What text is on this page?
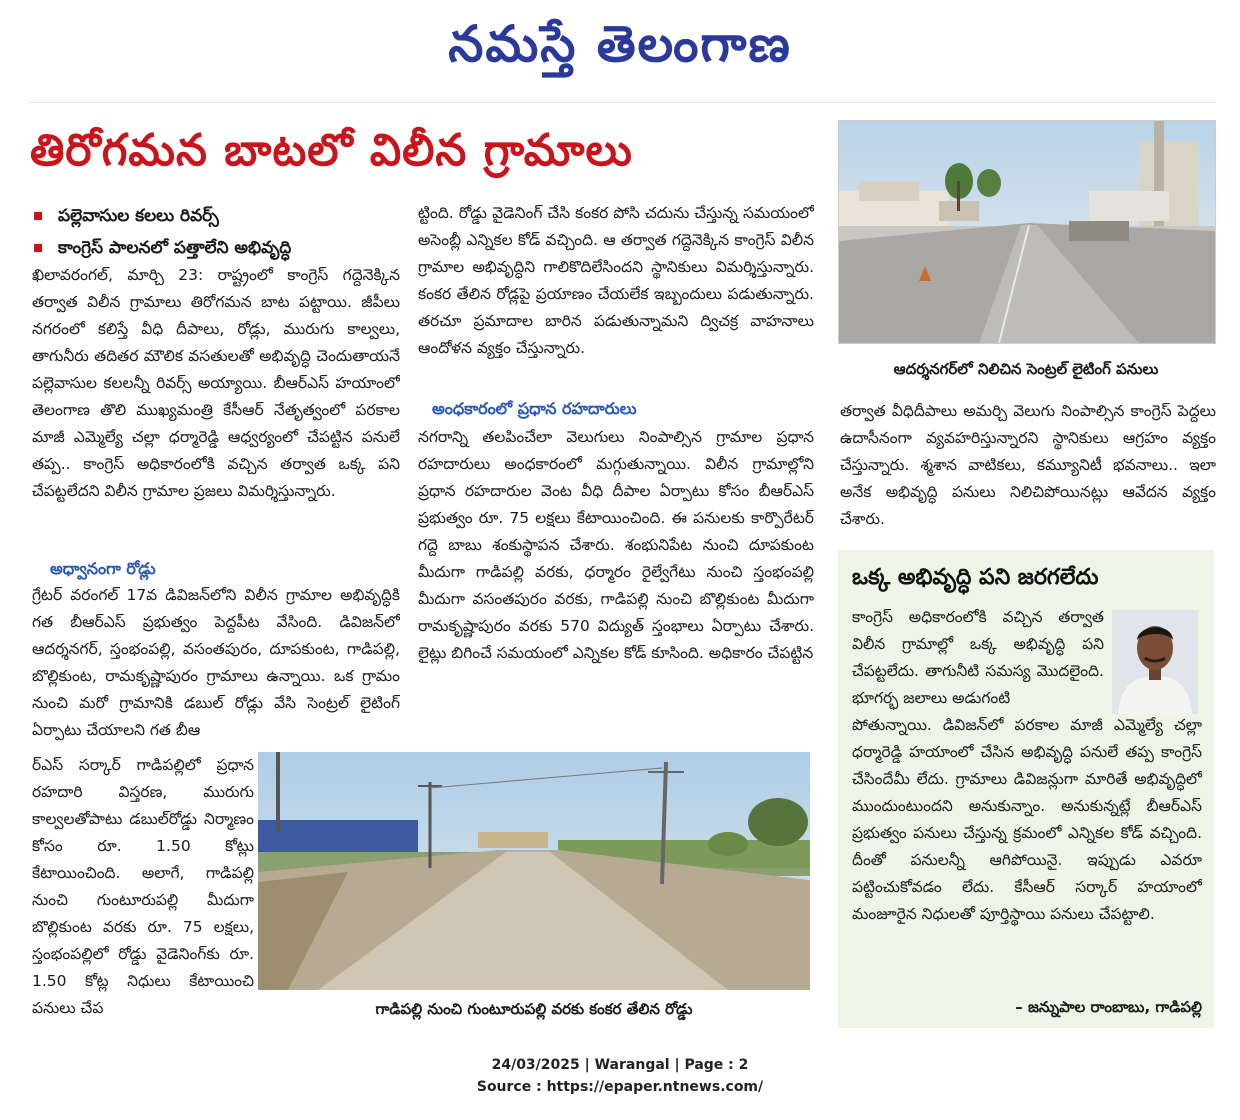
నమస్తే తెలంగాణ
తిరోగమన బాటలో విలీన గ్రామాలు
పల్లెవాసుల కలలు రివర్స్
కాంగ్రెస్ పాలనలో పత్తాలేని అభివృద్ధి
ఖిలావరంగల్, మార్చి 23: రాష్ట్రంలో కాంగ్రెస్ గద్దెనెక్కిన తర్వాత విలీన గ్రామాలు తిరోగమన బాట పట్టాయి. జీపీలు నగరంలో కలిస్తే వీధి దీపాలు, రోడ్లు, మురుగు కాల్వలు, తాగునీరు తదితర మౌలిక వసతులతో అభివృద్ధి చెందుతాయనే పల్లెవాసుల కలలన్నీ రివర్స్ అయ్యాయి. బీఆర్ఎస్ హయాంలో తెలంగాణ తొలి ముఖ్యమంత్రి కేసీఆర్ నేతృత్వంలో పరకాల మాజీ ఎమ్మెల్యే చల్లా ధర్మారెడ్డి ఆధ్వర్యంలో చేపట్టిన పనులే తప్ప.. కాంగ్రెస్ అధికారంలోకి వచ్చిన తర్వాత ఒక్క పని చేపట్టలేదని విలీన గ్రామాల ప్రజలు విమర్శిస్తున్నారు.
అధ్వానంగా రోడ్లు
గ్రేటర్ వరంగల్ 17వ డివిజన్‌లోని విలీన గ్రామాల అభివృద్ధికి గత బీఆర్ఎస్ ప్రభుత్వం పెద్దపీట వేసింది. డివిజన్‌లో ఆదర్శనగర్, స్తంభంపల్లి, వసంతపురం, దూపకుంట, గాడిపల్లి, బొల్లికుంట, రామకృష్ణాపురం గ్రామాలు ఉన్నాయి. ఒక గ్రామం నుంచి మరో గ్రామానికి డబుల్ రోడ్లు వేసి సెంట్రల్ లైటింగ్ ఏర్పాటు చేయాలని గత బీఆ
ర్ఎస్ సర్కార్ గాడిపల్లిలో ప్రధాన రహదారి విస్తరణ, మురుగు కాల్వలతోపాటు డబుల్‌రోడ్డు నిర్మాణం కోసం రూ. 1.50 కోట్లు కేటాయించింది. అలాగే, గాడిపల్లి నుంచి గుంటూరుపల్లి మీదుగా బొల్లికుంట వరకు రూ. 75 లక్షలు, స్తంభంపల్లిలో రోడ్డు వైడెనింగ్‌కు రూ. 1.50 కోట్ల నిధులు కేటాయించి పనులు చేప
ట్టింది. రోడ్డు వైడెనింగ్ చేసి కంకర పోసి చదును చేస్తున్న సమయంలో అసెంబ్లీ ఎన్నికల కోడ్ వచ్చింది. ఆ తర్వాత గద్దెనెక్కిన కాంగ్రెస్ విలీన గ్రామాల అభివృద్ధిని గాలికొదిలేసిందని స్థానికులు విమర్శిస్తున్నారు. కంకర తేలిన రోడ్లపై ప్రయాణం చేయలేక ఇబ్బందులు పడుతున్నారు. తరచూ ప్రమాదాల బారిన పడుతున్నామని ద్విచక్ర వాహనాలు ఆందోళన వ్యక్తం చేస్తున్నారు.
అంధకారంలో ప్రధాన రహదారులు
నగరాన్ని తలపించేలా వెలుగులు నింపాల్సిన గ్రామాల ప్రధాన రహదారులు అంధకారంలో మగ్గుతున్నాయి. విలీన గ్రామాల్లోని ప్రధాన రహదారుల వెంట వీధి దీపాల ఏర్పాటు కోసం బీఆర్ఎస్ ప్రభుత్వం రూ. 75 లక్షలు కేటాయించింది. ఈ పనులకు కార్పొరేటర్ గద్దె బాబు శంకుస్థాపన చేశారు. శంభునిపేట నుంచి దూపకుంట మీదుగా గాడిపల్లి వరకు, ధర్మారం రైల్వేగేటు నుంచి స్తంభంపల్లి మీదుగా వసంతపురం వరకు, గాడిపల్లి నుంచి బొల్లికుంట మీదుగా రామకృష్ణాపురం వరకు 570 విద్యుత్ స్తంభాలు ఏర్పాటు చేశారు. లైట్లు బిగించే సమయంలో ఎన్నికల కోడ్ కూసింది. అధికారం చేపట్టిన
ఆదర్శనగర్‌లో నిలిచిన సెంట్రల్ లైటింగ్ పనులు
తర్వాత వీధిదీపాలు అమర్చి వెలుగు నింపాల్సిన కాంగ్రెస్ పెద్దలు ఉదాసీనంగా వ్యవహరిస్తున్నారని స్థానికులు ఆగ్రహం వ్యక్తం చేస్తున్నారు. శ్మశాన వాటికలు, కమ్యూనిటీ భవనాలు.. ఇలా అనేక అభివృద్ధి పనులు నిలిచిపోయినట్లు ఆవేదన వ్యక్తం చేశారు.
గాడిపల్లి నుంచి గుంటూరుపల్లి వరకు కంకర తేలిన రోడ్డు
ఒక్క అభివృద్ధి పని జరగలేదు
కాంగ్రెస్ అధికారంలోకి వచ్చిన తర్వాత విలీన గ్రామాల్లో ఒక్క అభివృద్ధి పని చేపట్టలేదు. తాగునీటి సమస్య మొదలైంది. భూగర్భ జలాలు అడుగంటి
పోతున్నాయి. డివిజన్‌లో పరకాల మాజీ ఎమ్మెల్యే చల్లా ధర్మారెడ్డి హయాంలో చేసిన అభివృద్ధి పనులే తప్ప కాంగ్రెస్ చేసిందేమీ లేదు. గ్రామాలు డివిజన్లుగా మారితే అభివృద్ధిలో ముందుంటుందని అనుకున్నాం. అనుకున్నట్లే బీఆర్ఎస్ ప్రభుత్వం పనులు చేస్తున్న క్రమంలో ఎన్నికల కోడ్ వచ్చింది. దీంతో పనులన్నీ ఆగిపోయినై. ఇప్పుడు ఎవరూ పట్టించుకోవడం లేదు. కేసీఆర్ సర్కార్ హయాంలో మంజూరైన నిధులతో పూర్తిస్థాయి పనులు చేపట్టాలి.
– జన్నుపాల రాంబాబు, గాడిపల్లి
24/03/2025 | Warangal | Page : 2
Source : https://epaper.ntnews.com/
